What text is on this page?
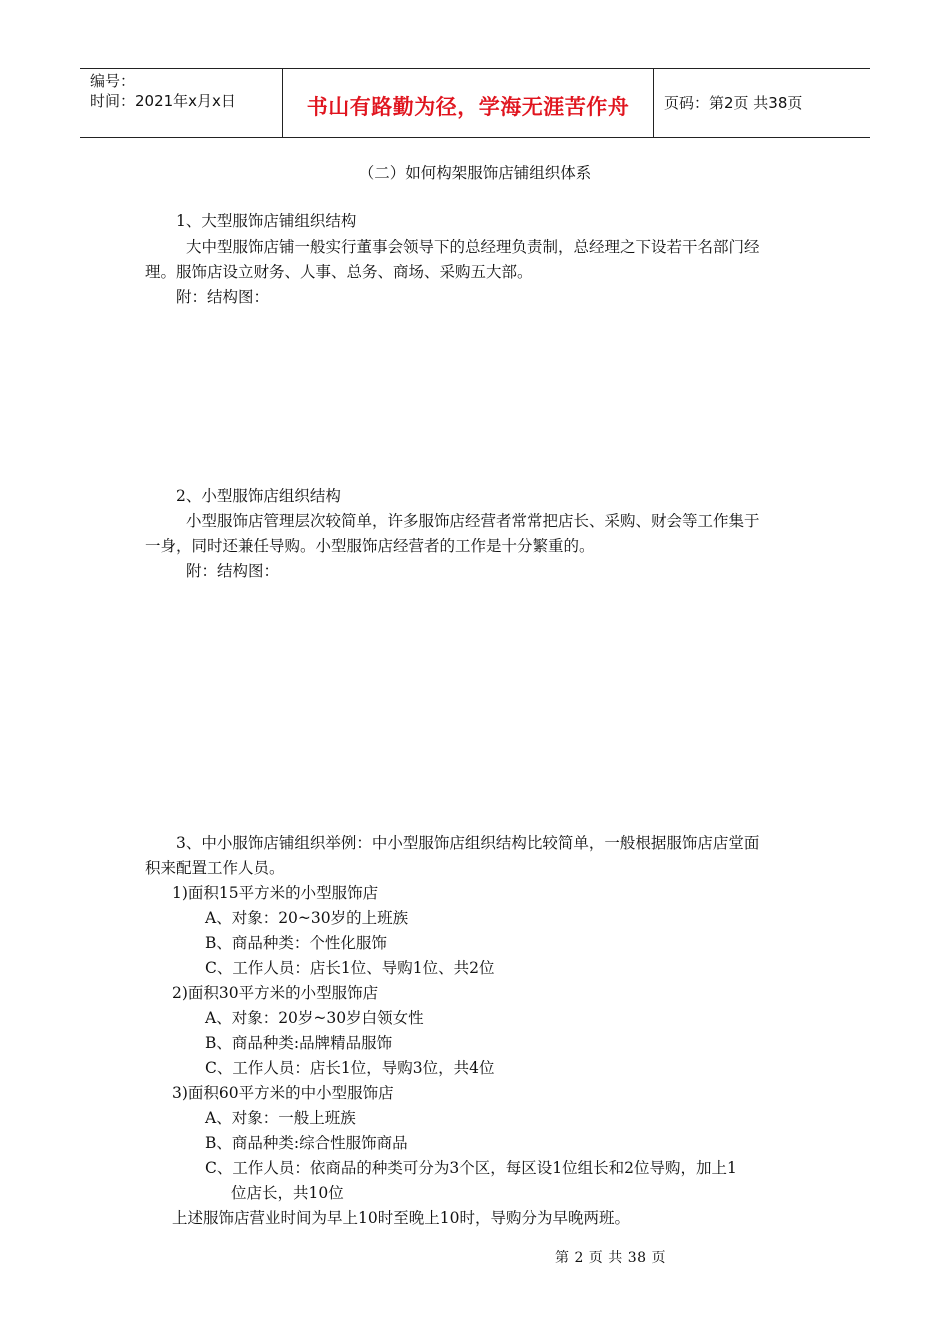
编号：
时间：2021年x月x日	书山有路勤为径，学海无涯苦作舟	页码：第2页 共38页
（二）如何构架服饰店铺组织体系
1、大型服饰店铺组织结构
大中型服饰店铺一般实行董事会领导下的总经理负责制，总经理之下设若干名部门经
理。服饰店设立财务、人事、总务、商场、采购五大部。
附：结构图：
2、小型服饰店组织结构
小型服饰店管理层次较简单，许多服饰店经营者常常把店长、采购、财会等工作集于
一身，同时还兼任导购。小型服饰店经营者的工作是十分繁重的。
附：结构图：
3、中小服饰店铺组织举例：中小型服饰店组织结构比较简单，一般根据服饰店店堂面
积来配置工作人员。
1)面积15平方米的小型服饰店
A、对象：20~30岁的上班族
B、商品种类：个性化服饰
C、工作人员：店长1位、导购1位、共2位
2)面积30平方米的小型服饰店
A、对象：20岁~30岁白领女性
B、商品种类:品牌精品服饰
C、工作人员：店长1位，导购3位，共4位
3)面积60平方米的中小型服饰店
A、对象：一般上班族
B、商品种类:综合性服饰商品
C、工作人员：依商品的种类可分为3个区，每区设1位组长和2位导购，加上1
位店长，共10位
上述服饰店营业时间为早上10时至晚上10时，导购分为早晚两班。
第 2 页 共 38 页
